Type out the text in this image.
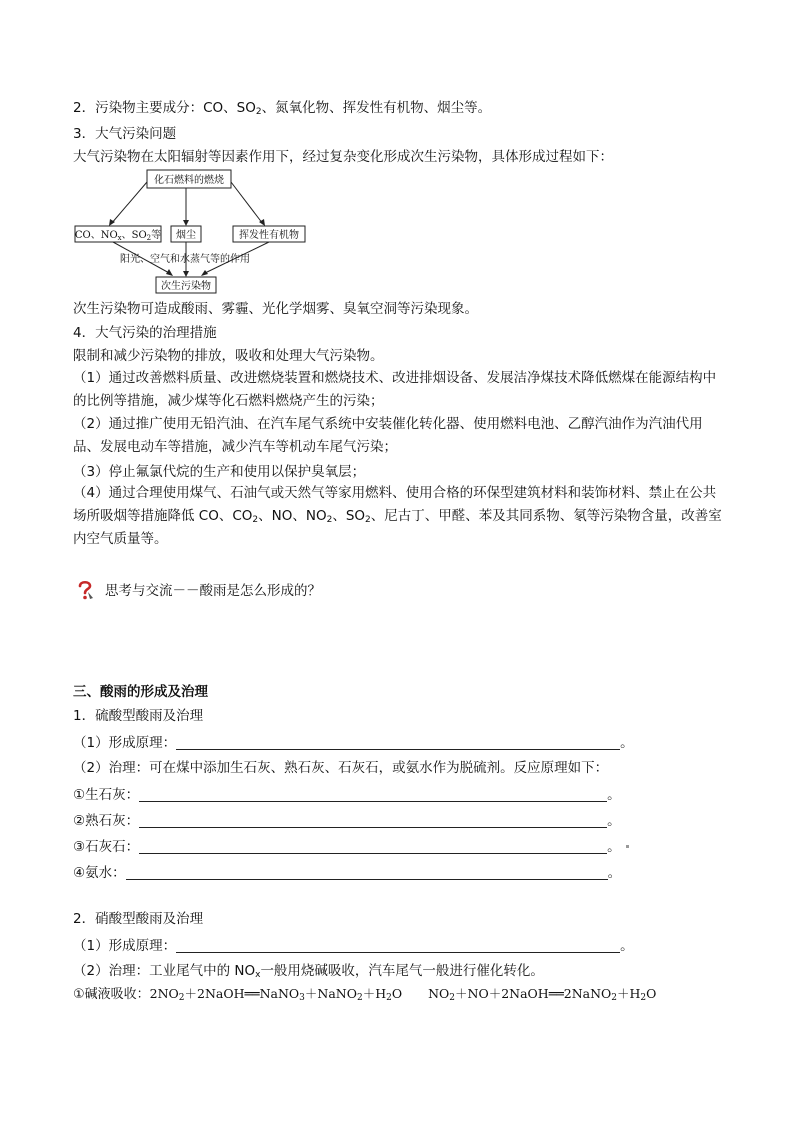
2．污染物主要成分：CO、$SO_2$、氮氧化物、挥发性有机物、烟尘等。
3．大气污染问题
大气污染物在太阳辐射等因素作用下，经过复杂变化形成次生污染物，具体形成过程如下：
化石燃料的燃烧
CO、$NO_x$、$SO_2$等 烟尘	挥发性有机物
阳光、空气和水蒸气等的作用
次生污染物
次生污染物可造成酸雨、雾霾、光化学烟雾、臭氧空洞等污染现象。
4．大气污染的治理措施
限制和减少污染物的排放，吸收和处理大气污染物。
（1）通过改善燃料质量、改进燃烧装置和燃烧技术、改进排烟设备、发展洁净煤技术降低燃煤在能源结构中的比例等措施，减少煤等化石燃料燃烧产生的污染；
（2）通过推广使用无铅汽油、在汽车尾气系统中安装催化转化器、使用燃料电池、乙醇汽油作为汽油代用品、发展电动车等措施，减少汽车等机动车尾气污染；
（3）停止氟氯代烷的生产和使用以保护臭氧层；
（4）通过合理使用煤气、石油气或天然气等家用燃料、使用合格的环保型建筑材料和装饰材料、禁止在公共场所吸烟等措施降低 CO、$CO_2$、NO、$NO_2$、$SO_2$、尼古丁、甲醛、苯及其同系物、氡等污染物含量，改善室内空气质量等。
思考与交流－－酸雨是怎么形成的？
三、酸雨的形成及治理
1．硫酸型酸雨及治理
（1）形成原理：	。
（2）治理：可在煤中添加生石灰、熟石灰、石灰石，或氨水作为脱硫剂。反应原理如下：
①生石灰：	。
②熟石灰：	。
③石灰石：	。
④氨水：	。
2．硝酸型酸雨及治理
（1）形成原理：	。
（2）治理：工业尾气中的 $NO_x$一般用烧碱吸收，汽车尾气一般进行催化转化。
①碱液吸收：$2NO_2+2NaOH══NaNO_3+NaNO_2+H_2O$ $NO_2+NO+2NaOH══2NaNO_2+H_2O$
